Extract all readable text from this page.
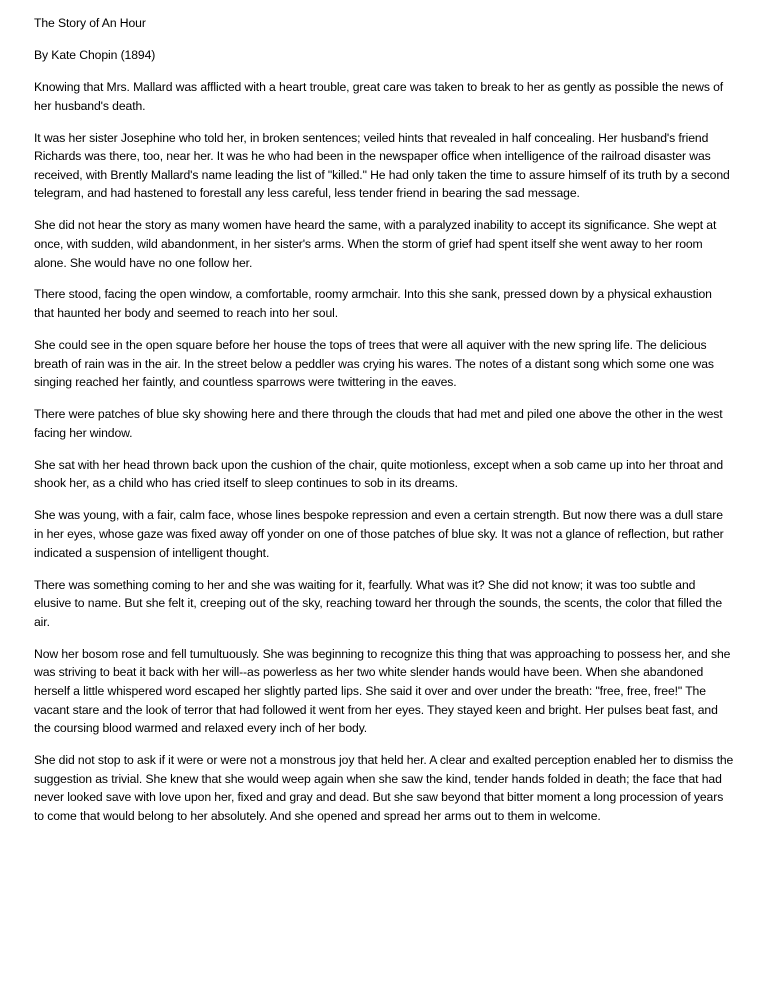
The Story of An Hour

By Kate Chopin (1894)

Knowing that Mrs. Mallard was afflicted with a heart trouble, great care was taken to break to her as gently as possible the news of her husband's death.

It was her sister Josephine who told her, in broken sentences; veiled hints that revealed in half concealing. Her husband's friend Richards was there, too, near her. It was he who had been in the newspaper office when intelligence of the railroad disaster was received, with Brently Mallard's name leading the list of "killed." He had only taken the time to assure himself of its truth by a second telegram, and had hastened to forestall any less careful, less tender friend in bearing the sad message.

She did not hear the story as many women have heard the same, with a paralyzed inability to accept its significance. She wept at once, with sudden, wild abandonment, in her sister's arms. When the storm of grief had spent itself she went away to her room alone. She would have no one follow her.

There stood, facing the open window, a comfortable, roomy armchair. Into this she sank, pressed down by a physical exhaustion that haunted her body and seemed to reach into her soul.

She could see in the open square before her house the tops of trees that were all aquiver with the new spring life. The delicious breath of rain was in the air. In the street below a peddler was crying his wares. The notes of a distant song which some one was singing reached her faintly, and countless sparrows were twittering in the eaves.

There were patches of blue sky showing here and there through the clouds that had met and piled one above the other in the west facing her window.

She sat with her head thrown back upon the cushion of the chair, quite motionless, except when a sob came up into her throat and shook her, as a child who has cried itself to sleep continues to sob in its dreams.

She was young, with a fair, calm face, whose lines bespoke repression and even a certain strength. But now there was a dull stare in her eyes, whose gaze was fixed away off yonder on one of those patches of blue sky. It was not a glance of reflection, but rather indicated a suspension of intelligent thought.

There was something coming to her and she was waiting for it, fearfully. What was it? She did not know; it was too subtle and elusive to name. But she felt it, creeping out of the sky, reaching toward her through the sounds, the scents, the color that filled the air.

Now her bosom rose and fell tumultuously. She was beginning to recognize this thing that was approaching to possess her, and she was striving to beat it back with her will--as powerless as her two white slender hands would have been. When she abandoned herself a little whispered word escaped her slightly parted lips. She said it over and over under the breath: "free, free, free!" The vacant stare and the look of terror that had followed it went from her eyes. They stayed keen and bright. Her pulses beat fast, and the coursing blood warmed and relaxed every inch of her body.

She did not stop to ask if it were or were not a monstrous joy that held her. A clear and exalted perception enabled her to dismiss the suggestion as trivial. She knew that she would weep again when she saw the kind, tender hands folded in death; the face that had never looked save with love upon her, fixed and gray and dead. But she saw beyond that bitter moment a long procession of years to come that would belong to her absolutely. And she opened and spread her arms out to them in welcome.
